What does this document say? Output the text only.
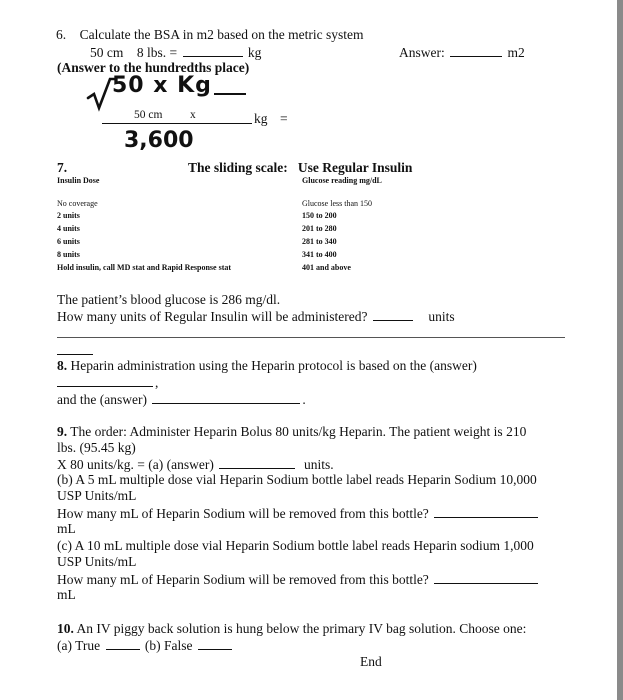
6. Calculate the BSA in m2 based on the metric system
50 cm 8 lbs. =	kg	Answer:	m2
(Answer to the hundredths place)
50 x Kg
50 cm x	kg =
3,600
7.	The sliding scale: Use Regular Insulin
Insulin Dose	Glucose reading mg/dL
No coverage	Glucose less than 150
2 units	150 to 200
4 units	201 to 280
6 units	281 to 340
8 units	341 to 400
Hold insulin, call MD stat and Rapid Response stat	401 and above
The patient’s blood glucose is 286 mg/dl.
How many units of Regular Insulin will be administered?	units
8. Heparin administration using the Heparin protocol is based on the (answer)
,
and the (answer)	.
9. The order: Administer Heparin Bolus 80 units/kg Heparin. The patient weight is 210
lbs. (95.45 kg)
X 80 units/kg. = (a) (answer)	units.
(b) A 5 mL multiple dose vial Heparin Sodium bottle label reads Heparin Sodium 10,000
USP Units/mL
How many mL of Heparin Sodium will be removed from this bottle?
mL
(c) A 10 mL multiple dose vial Heparin Sodium bottle label reads Heparin sodium 1,000
USP Units/mL
How many mL of Heparin Sodium will be removed from this bottle?
mL
10. An IV piggy back solution is hung below the primary IV bag solution. Choose one:
(a) True	(b) False
End
